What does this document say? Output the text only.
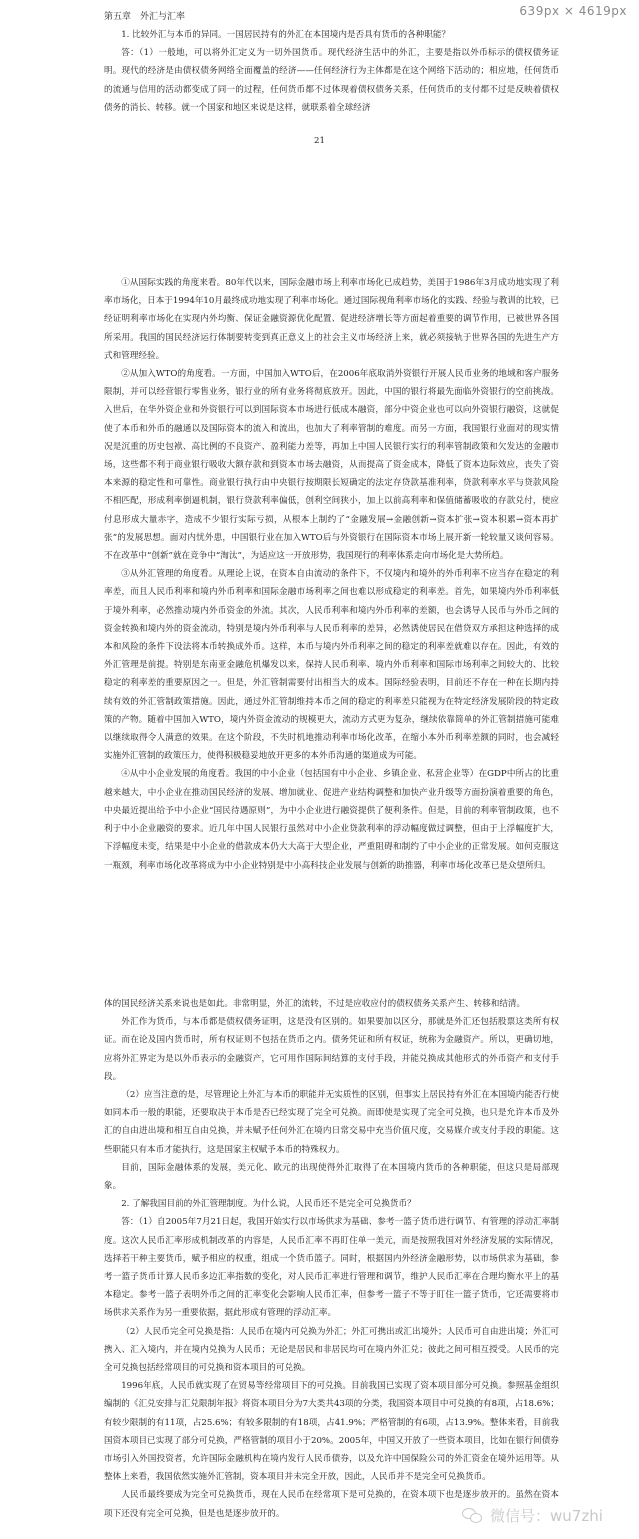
639px × 4619px
第五章　外汇与汇率

1. 比较外汇与本币的异同。一国居民持有的外汇在本国境内是否具有货币的各种职能？

答：（1）一般地，可以将外汇定义为一切外国货币。现代经济生活中的外汇，主要是指以外币标示的债权债务证明。现代的经济是由债权债务网络全面覆盖的经济——任何经济行为主体都是在这个网络下活动的；相应地，任何货币的流通与信用的活动都变成了同一的过程，任何货币都不过体现着债权债务关系，任何货币的支付都不过是反映着债权债务的消长、转移。就一个国家和地区来说是这样，就联系着全球经济

21

①从国际实践的角度来看。80年代以来，国际金融市场上利率市场化已成趋势，美国于1986年3月成功地实现了利率市场化，日本于1994年10月最终成功地实现了利率市场化。通过国际视角利率市场化的实践、经验与教训的比较，已经证明利率市场化在实现内外均衡、保证金融资源优化配置、促进经济增长等方面起着重要的调节作用，已被世界各国所采用。我国的国民经济运行体制要转变到真正意义上的社会主义市场经济上来，就必须接轨于世界各国的先进生产方式和管理经验。

②从加入WTO的角度看。一方面，中国加入WTO后，在2006年底取消外资银行开展人民币业务的地域和客户服务限制，并可以经营银行零售业务，银行业的所有业务将彻底放开。因此，中国的银行将最先面临外资银行的空前挑战。入世后，在华外资企业和外资银行可以到国际资本市场进行低成本融资，部分中资企业也可以向外资银行融资，这就促使了本币和外币的融通以及国际资本的流入和流出，也加大了利率管制的难度。而另一方面，我国银行业面对的现实情况是沉重的历史包袱、高比例的不良资产、盈利能力差等，再加上中国人民银行实行的利率管制政策和欠发达的金融市场，这些都不利于商业银行吸收大额存款和到资本市场去融资，从而提高了资金成本，降低了资本边际效应，丧失了资本来源的稳定性和可靠性。商业银行执行由中央银行按期限长短确定的法定存贷款基准利率，贷款利率水平与贷款风险不相匹配，形成利率倒逼机制，银行贷款利率偏低，创利空间狭小，加上以前高利率和保值储蓄吸收的存款兑付，使应付息形成大量赤字，造成不少银行实际亏损，从根本上制约了“金融发展→金融创新→资本扩张→资本积累→资本再扩张”的发展思想。面对内忧外患，中国银行业在加入WTO后与外资银行在国际资本市场上展开新一轮较量又谈何容易。不在改革中“创新”就在竞争中“淘汰”，为适应这一开放形势，我国现行的利率体系走向市场化是大势所趋。

③从外汇管理的角度看。从理论上说，在资本自由流动的条件下，不仅境内和境外的外币利率不应当存在稳定的利率差，而且人民币利率和境内外币利率和国际金融市场利率之间也难以形成稳定的利率差。首先，如果境内外币利率低于境外利率，必然推动境内外币资金的外流。其次，人民币利率和境内外币利率的差额，也会诱导人民币与外币之间的资金转换和境内外的资金流动，特别是境内外币利率与人民币利率的差异，必然诱使居民在借贷双方承担这种选择的成本和风险的条件下设法将本币转换成外币。这样，本币与境内外币利率之间的稳定的利率差就难以存在。因此，有效的外汇管理是前提。特别是东南亚金融危机爆发以来，保持人民币利率、境内外币利率和国际市场利率之间较大的、比较稳定的利率差的重要原因之一。但是，外汇管制需要付出相当大的成本。国际经验表明，目前还不存在一种在长期内持续有效的外汇管制政策措施。因此，通过外汇管制维持本币之间的稳定的利率差只能视为在特定经济发展阶段的特定政策的产物。随着中国加入WTO，境内外资金流动的规模更大，流动方式更为复杂，继续依靠简单的外汇管制措施可能难以继续取得令人满意的效果。在这个阶段，不失时机地推动利率市场化改革，在缩小本外币利率差额的同时，也会减轻实施外汇管制的政策压力，使得积极稳妥地放开更多的本外币沟通的渠道成为可能。

④从中小企业发展的角度看。我国的中小企业（包括国有中小企业、乡镇企业、私营企业等）在GDP中所占的比重越来越大，中小企业在推动国民经济的发展、增加就业、促进产业结构调整和加快产业升级等方面扮演着重要的角色，中央最近提出给予中小企业“国民待遇原则”，为中小企业进行融资提供了便利条件。但是，目前的利率管制政策，也不利于中小企业融资的要求。近几年中国人民银行虽然对中小企业贷款利率的浮动幅度做过调整，但由于上浮幅度扩大，下浮幅度未变，结果是中小企业的借款成本仍大大高于大型企业，严重阻碍和制约了中小企业的正常发展。如何克服这一瓶颈，利率市场化改革将成为中小企业特别是中小高科技企业发展与创新的助推器，利率市场化改革已是众望所归。

体的国民经济关系来说也是如此。非常明显，外汇的流转，不过是应收应付的债权债务关系产生、转移和结清。

外汇作为货币，与本币都是债权债务证明，这是没有区别的。如果要加以区分，那就是外汇还包括股票这类所有权证。而在论及国内货币时，所有权证则不包括在货币之内。债务凭证和所有权证，统称为金融资产。所以，更确切地，应将外汇界定为是以外币表示的金融资产，它可用作国际间结算的支付手段，并能兑换成其他形式的外币资产和支付手段。

（2）应当注意的是，尽管理论上外汇与本币的职能并无实质性的区别，但事实上居民持有外汇在本国境内能否行使如同本币一般的职能，还要取决于本币是否已经实现了完全可兑换。而即使是实现了完全可兑换，也只是允许本币及外汇的自由进出境和相互自由兑换，并未赋予任何外汇在境内日常交易中充当价值尺度，交易媒介或支付手段的职能。这些职能只有本币才能执行，这是国家主权赋予本币的特殊权力。

目前，国际金融体系的发展，美元化、欧元的出现使得外汇取得了在本国境内货币的各种职能，但这只是局部现象。

2. 了解我国目前的外汇管理制度。为什么说，人民币还不是完全可兑换货币？

答：（1）自2005年7月21日起，我国开始实行以市场供求为基础、参考一篮子货币进行调节、有管理的浮动汇率制度。这次人民币汇率形成机制改革的内容是，人民币汇率不再盯住单一美元，而是按照我国对外经济发展的实际情况，选择若干种主要货币，赋予相应的权重，组成一个货币篮子。同时，根据国内外经济金融形势，以市场供求为基础，参考一篮子货币计算人民币多边汇率指数的变化，对人民币汇率进行管理和调节，维护人民币汇率在合理均衡水平上的基本稳定。参考一篮子表明外币之间的汇率变化会影响人民币汇率，但参考一篮子不等于盯住一篮子货币，它还需要将市场供求关系作为另一重要依据，据此形成有管理的浮动汇率。

（2）人民币完全可兑换是指：人民币在境内可兑换为外汇；外汇可携出或汇出境外；人民币可自由进出境；外汇可携入、汇入境内，并在境内兑换为人民币；无论是居民和非居民均可在境内外汇兑；彼此之间可相互授受。人民币的完全可兑换包括经常项目的可兑换和资本项目的可兑换。

1996年底，人民币就实现了在贸易等经常项目下的可兑换。目前我国已实现了资本项目部分可兑换。参照基金组织编制的《汇兑安排与汇兑限制年报》将资本项目分为7大类共43项的分类，我国资本项目中可兑换的有8项，占18.6%；有较少限制的有11项，占25.6%；有较多限制的有18项，占41.9%；严格管制的有6项，占13.9%。整体来看，目前我国资本项目已实现了部分可兑换，严格管制的项目小于20%。2005年，中国又开放了一些资本项目，比如在银行间债券市场引入外国投资者，允许国际金融机构在境内发行人民币债券，以及允许中国保险公司的外汇资金在境外运用等。从整体上来看，我国依然实施外汇管制，资本项目并未完全开放，因此，人民币并不是完全可兑换货币。

人民币最终要成为完全可兑换货币，现在人民币在经常项下是可兑换的，在资本项下也是逐步放开的。虽然在资本项下还没有完全可兑换，但是也是逐步放开的。	微信号：wu7zhi
